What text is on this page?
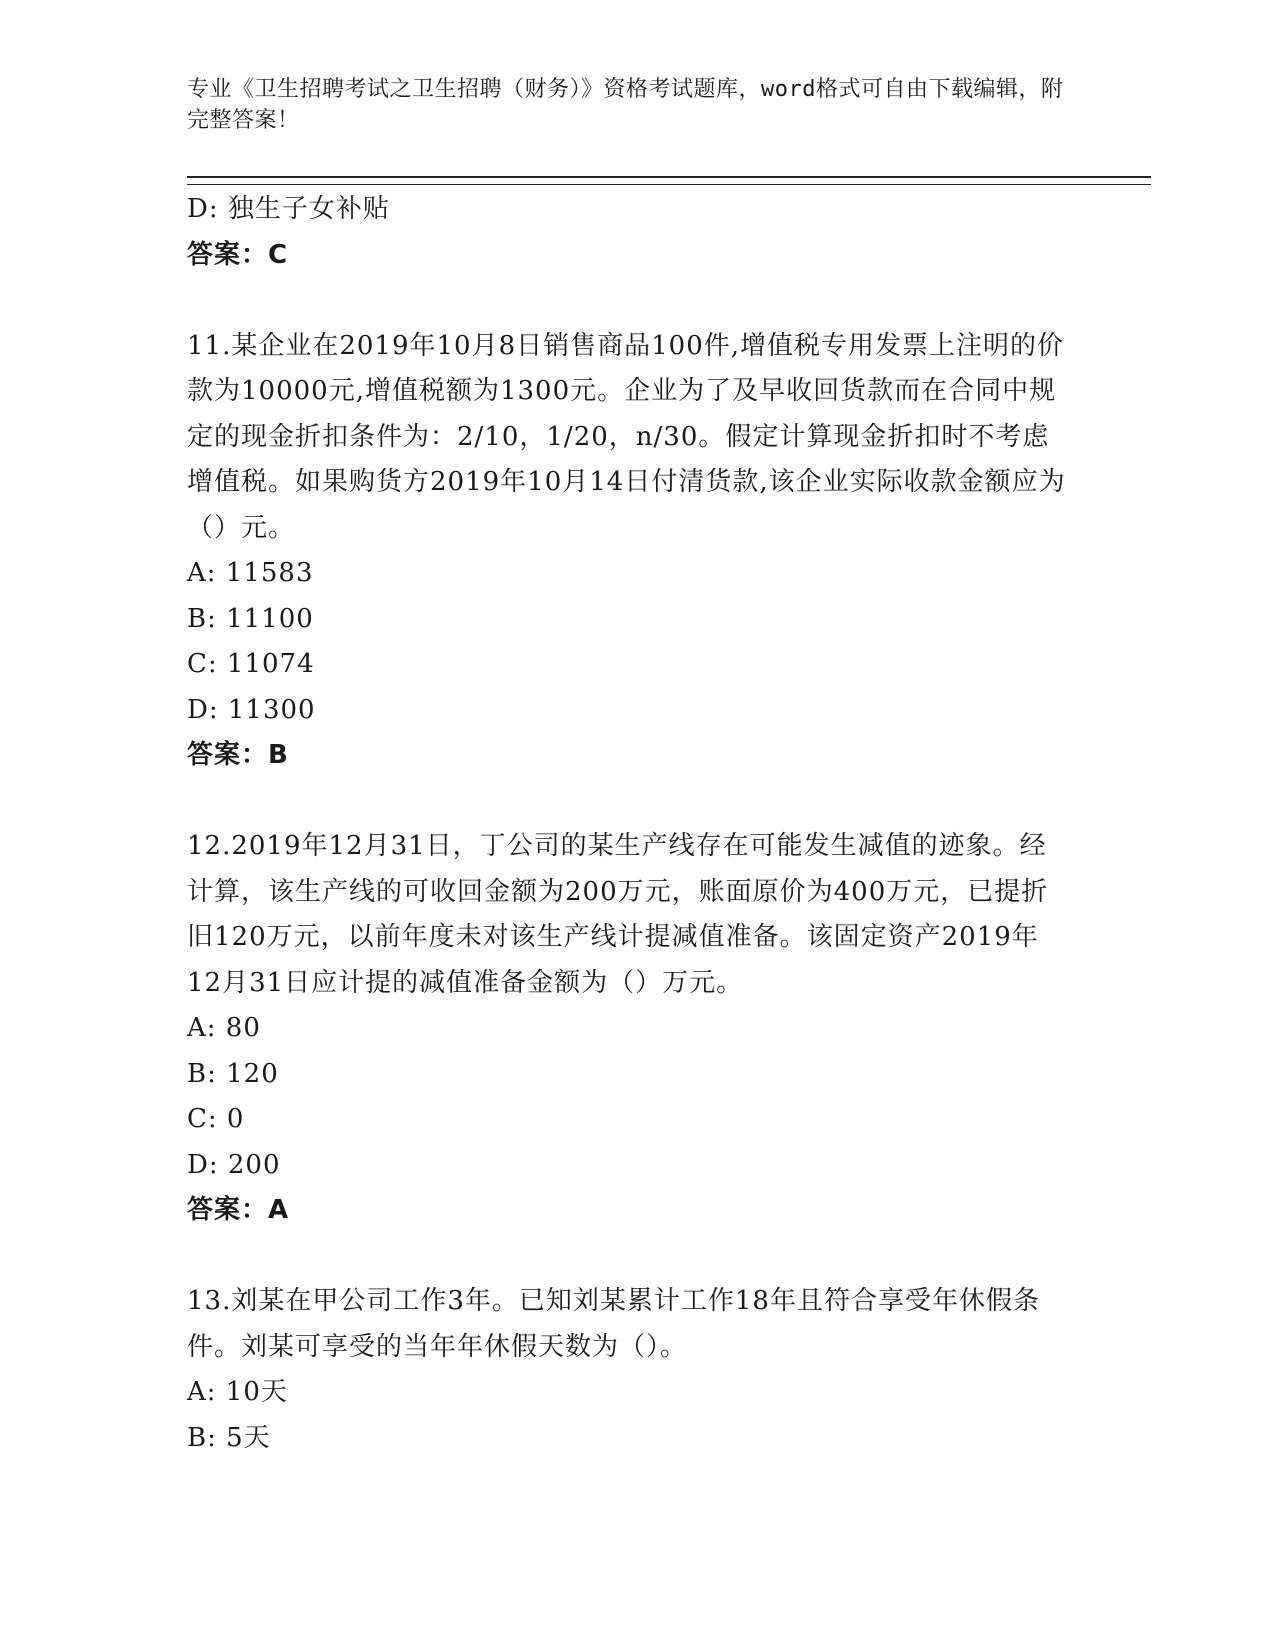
专业《卫生招聘考试之卫生招聘（财务）》资格考试题库，word格式可自由下载编辑，附完整答案！
D: 独生子女补贴
答案：C
11.某企业在2019年10月8日销售商品100件,增值税专用发票上注明的价款为10000元,增值税额为1300元。企业为了及早收回货款而在合同中规定的现金折扣条件为：2/10，1/20，n/30。假定计算现金折扣时不考虑增值税。如果购货方2019年10月14日付清货款,该企业实际收款金额应为（）元。
A: 11583
B: 11100
C: 11074
D: 11300
答案：B
12.2019年12月31日，丁公司的某生产线存在可能发生减值的迹象。经计算，该生产线的可收回金额为200万元，账面原价为400万元，已提折旧120万元，以前年度未对该生产线计提减值准备。该固定资产2019年12月31日应计提的减值准备金额为（）万元。
A: 80
B: 120
C: 0
D: 200
答案：A
13.刘某在甲公司工作3年。已知刘某累计工作18年且符合享受年休假条件。刘某可享受的当年年休假天数为（）。
A: 10天
B: 5天
